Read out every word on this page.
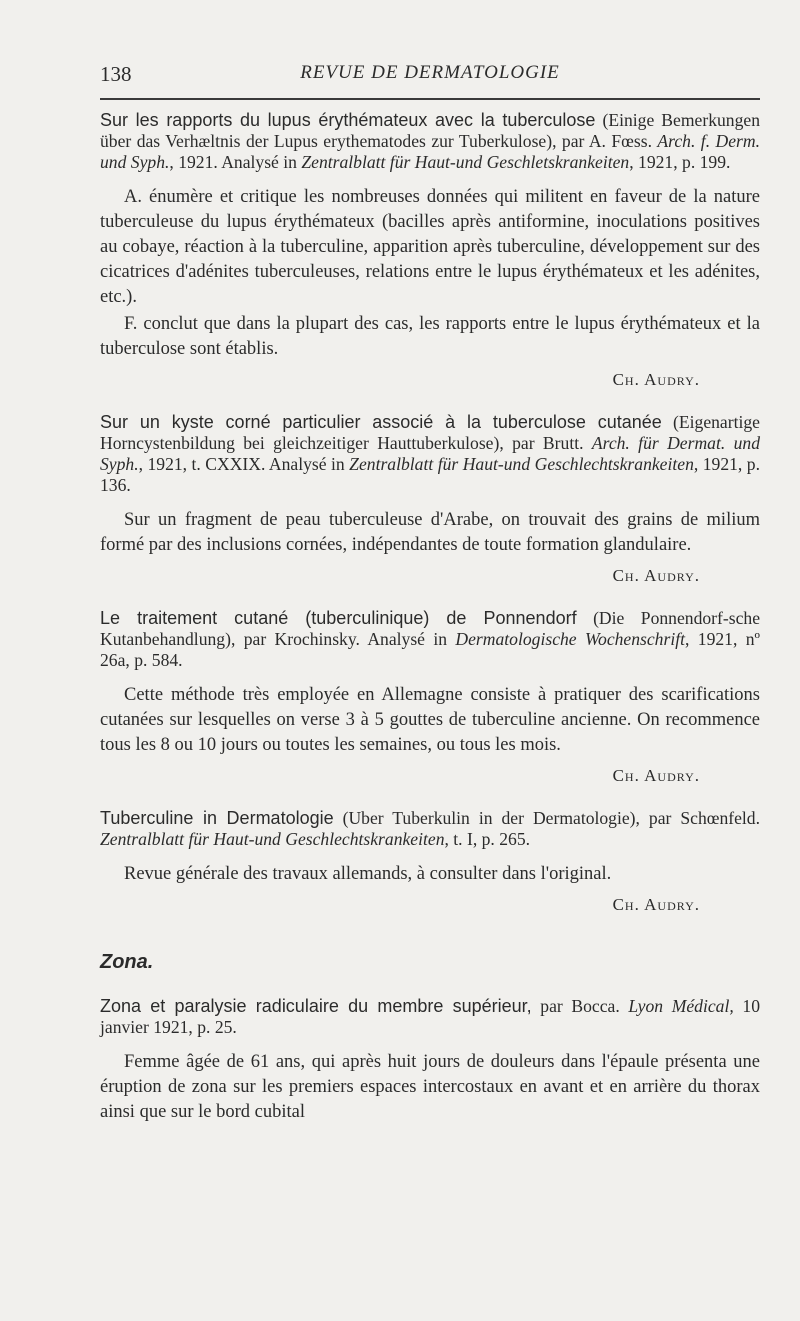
138	REVUE DE DERMATOLOGIE

Sur les rapports du lupus érythémateux avec la tuberculose (Einige Bemerkungen über das Verhæltnis der Lupus erythematodes zur Tuberkulose), par A. Fœss. Arch. f. Derm. und Syph., 1921. Analysé in Zentralblatt für Haut-und Geschletskrankeiten, 1921, p. 199.

A. énumère et critique les nombreuses données qui militent en faveur de la nature tuberculeuse du lupus érythémateux (bacilles après antiformine, inoculations positives au cobaye, réaction à la tuberculine, apparition après tuberculine, développement sur des cicatrices d'adénites tuberculeuses, relations entre le lupus érythémateux et les adénites, etc.).

F. conclut que dans la plupart des cas, les rapports entre le lupus érythémateux et la tuberculose sont établis.

Ch. Audry.

Sur un kyste corné particulier associé à la tuberculose cutanée (Eigenartige Horncystenbildung bei gleichzeitiger Hauttuberkulose), par Brutt. Arch. für Dermat. und Syph., 1921, t. CXXIX. Analysé in Zentralblatt für Haut-und Geschlechtskrankeiten, 1921, p. 136.

Sur un fragment de peau tuberculeuse d'Arabe, on trouvait des grains de milium formé par des inclusions cornées, indépendantes de toute formation glandulaire.

Ch. Audry.

Le traitement cutané (tuberculinique) de Ponnendorf (Die Ponnendorf-sche Kutanbehandlung), par Krochinsky. Analysé in Dermatologische Wochenschrift, 1921, nº 26a, p. 584.

Cette méthode très employée en Allemagne consiste à pratiquer des scarifications cutanées sur lesquelles on verse 3 à 5 gouttes de tuberculine ancienne. On recommence tous les 8 ou 10 jours ou toutes les semaines, ou tous les mois.

Ch. Audry.

Tuberculine in Dermatologie (Uber Tuberkulin in der Dermatologie), par Schœnfeld. Zentralblatt für Haut-und Geschlechtskrankeiten, t. I, p. 265.

Revue générale des travaux allemands, à consulter dans l'original.

Ch. Audry.

Zona.

Zona et paralysie radiculaire du membre supérieur, par Bocca. Lyon Médical, 10 janvier 1921, p. 25.

Femme âgée de 61 ans, qui après huit jours de douleurs dans l'épaule présenta une éruption de zona sur les premiers espaces intercostaux en avant et en arrière du thorax ainsi que sur le bord cubital
